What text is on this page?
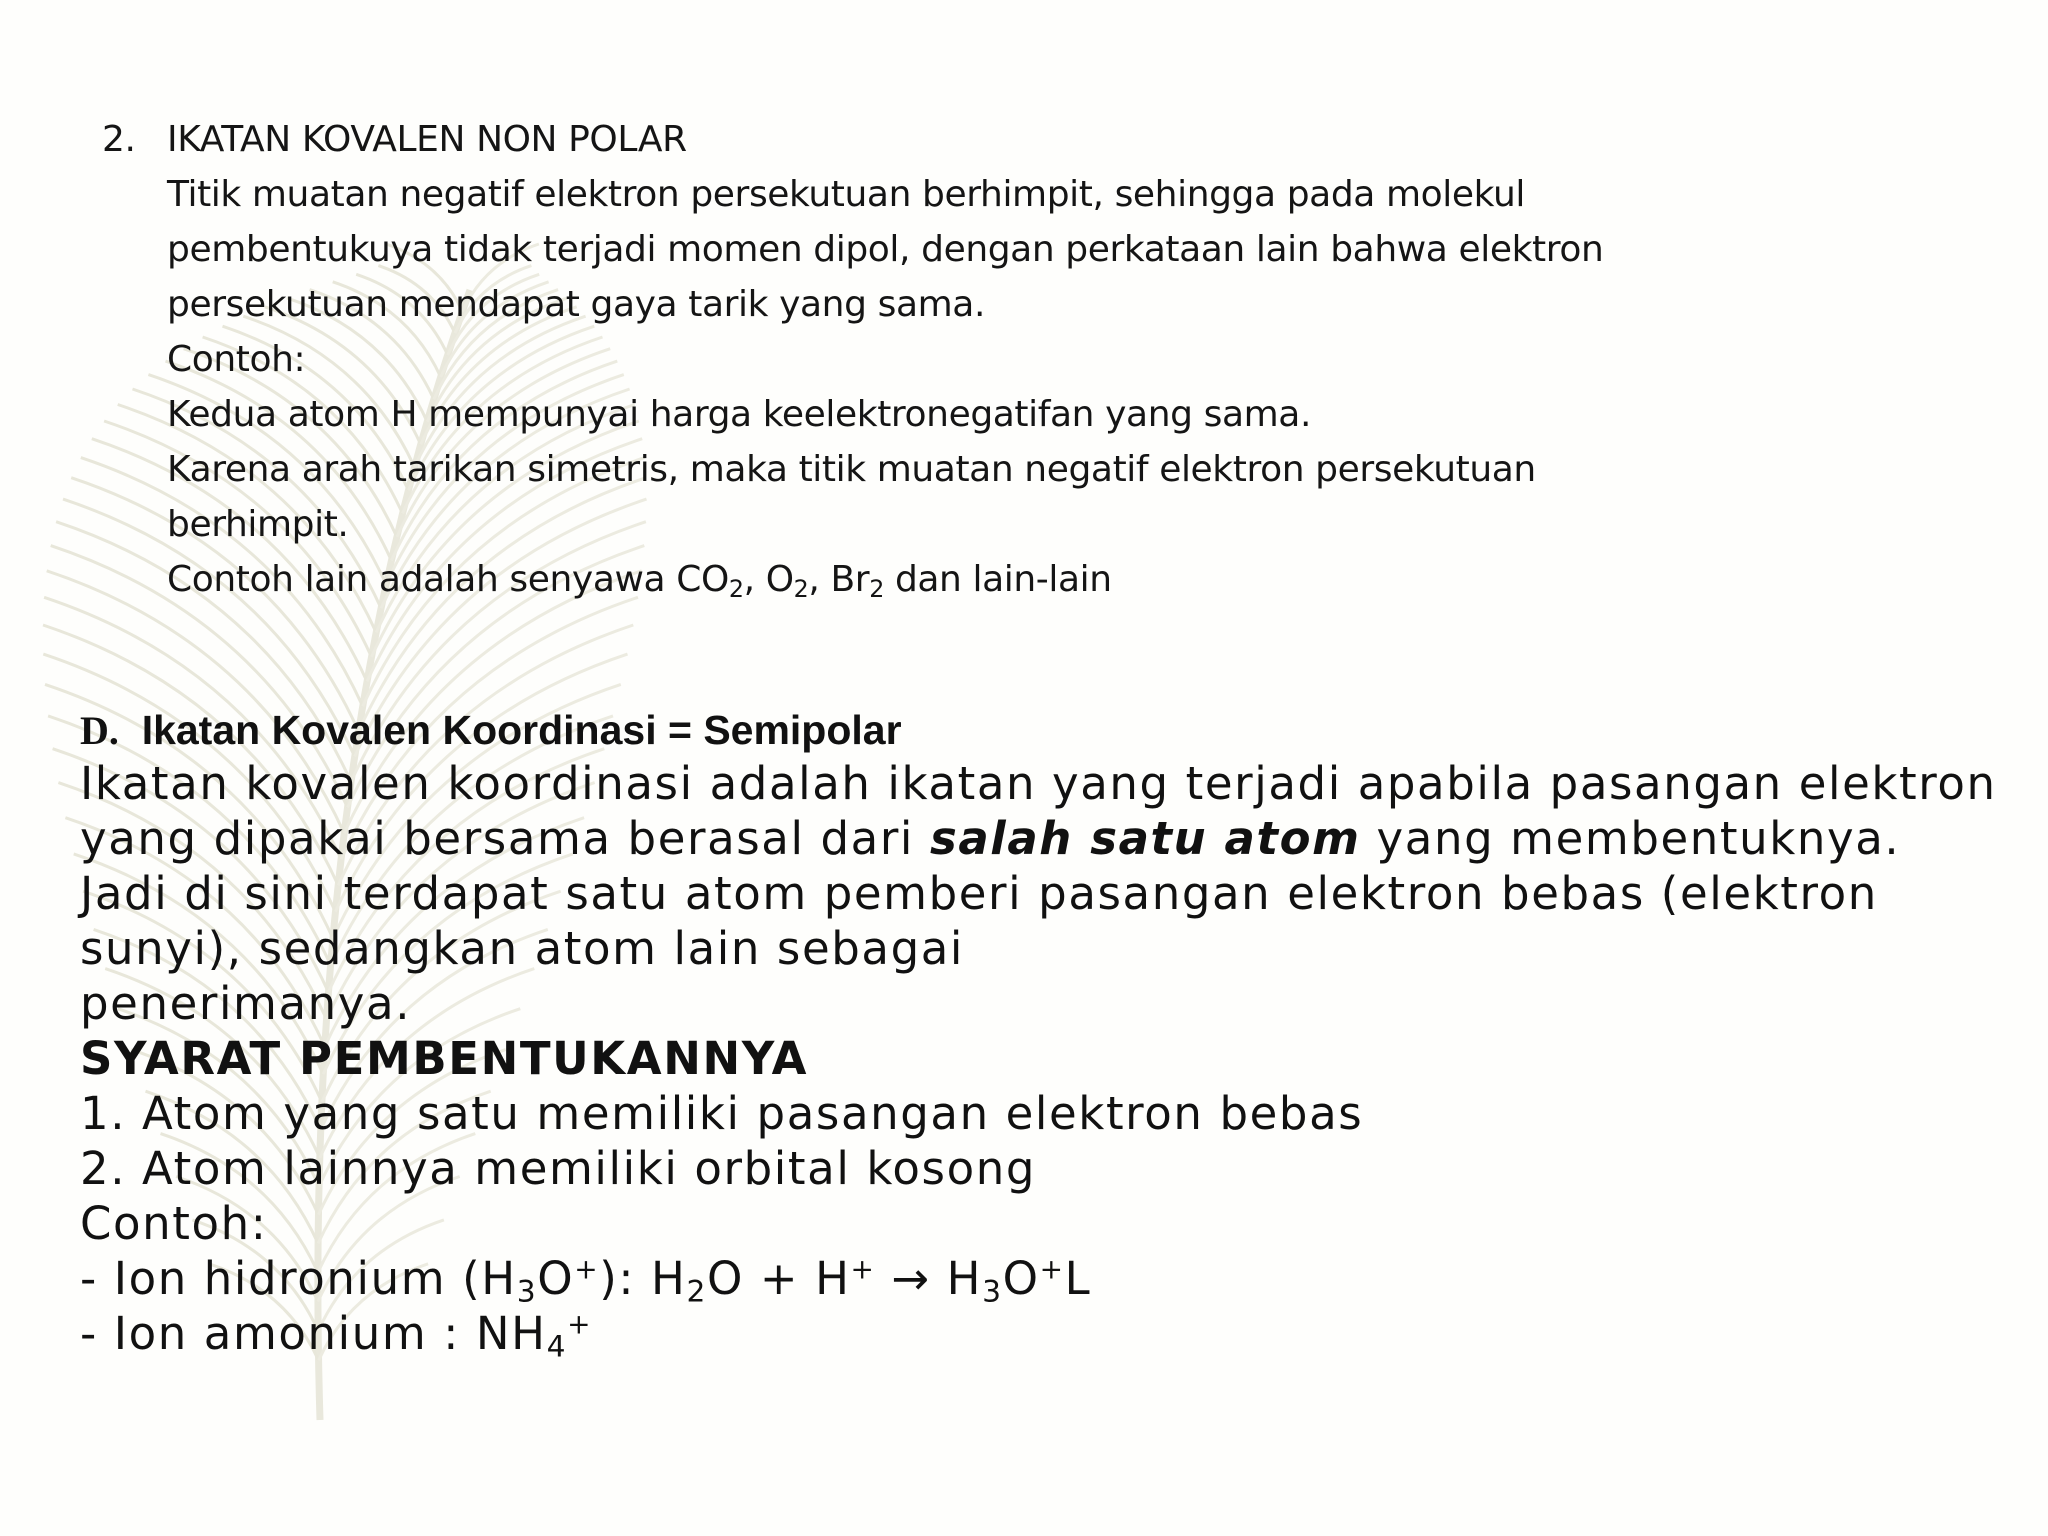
2. IKATAN KOVALEN NON POLAR
Titik muatan negatif elektron persekutuan berhimpit, sehingga pada molekul
pembentukuya tidak terjadi momen dipol, dengan perkataan lain bahwa elektron
persekutuan mendapat gaya tarik yang sama.
Contoh:
Kedua atom H mempunyai harga keelektronegatifan yang sama.
Karena arah tarikan simetris, maka titik muatan negatif elektron persekutuan
berhimpit.
Contoh lain adalah senyawa $CO_2$, $O_2$, $Br_2$ dan lain-lain
D. Ikatan Kovalen Koordinasi = Semipolar
Ikatan kovalen koordinasi adalah ikatan yang terjadi apabila pasangan elektron
yang dipakai bersama berasal dari salah satu atom yang membentuknya.
Jadi di sini terdapat satu atom pemberi pasangan elektron bebas (elektron
sunyi), sedangkan atom lain sebagai
penerimanya.
SYARAT PEMBENTUKANNYA
1. Atom yang satu memiliki pasangan elektron bebas
2. Atom lainnya memiliki orbital kosong
Contoh:
- Ion hidronium $(H_3O^+)$: $H_2O + H^+ \to H_3O^+L$
- Ion amonium : $NH_4^+$
